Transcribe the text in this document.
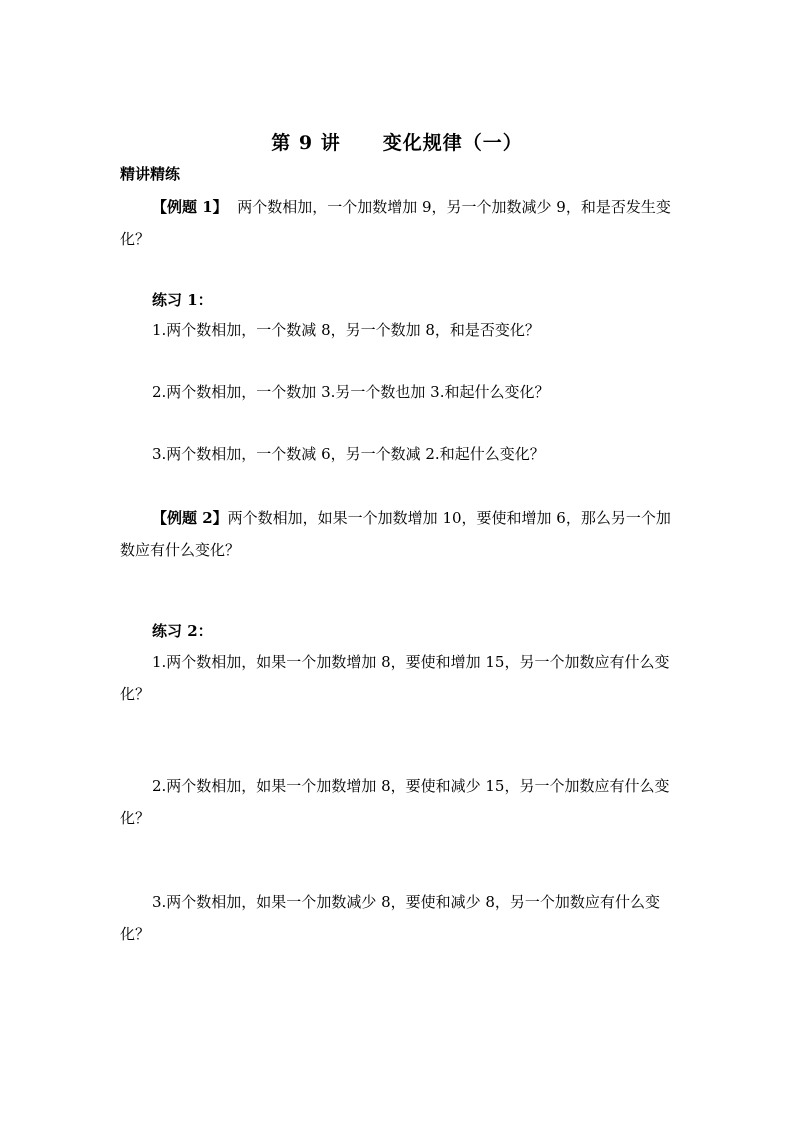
第 9 讲 变化规律（一）
精讲精练
【例题 1】  两个数相加，一个加数增加 9，另一个加数减少 9，和是否发生变化？
练习 1：
1.两个数相加，一个数减 8，另一个数加 8，和是否变化？
2.两个数相加，一个数加 3.另一个数也加 3.和起什么变化？
3.两个数相加，一个数减 6，另一个数减 2.和起什么变化？
【例题 2】两个数相加，如果一个加数增加 10，要使和增加 6，那么另一个加数应有什么变化？
练习 2：
1.两个数相加，如果一个加数增加 8，要使和增加 15，另一个加数应有什么变化？
2.两个数相加，如果一个加数增加 8，要使和减少 15，另一个加数应有什么变化？
3.两个数相加，如果一个加数减少 8，要使和减少 8，另一个加数应有什么变化？
